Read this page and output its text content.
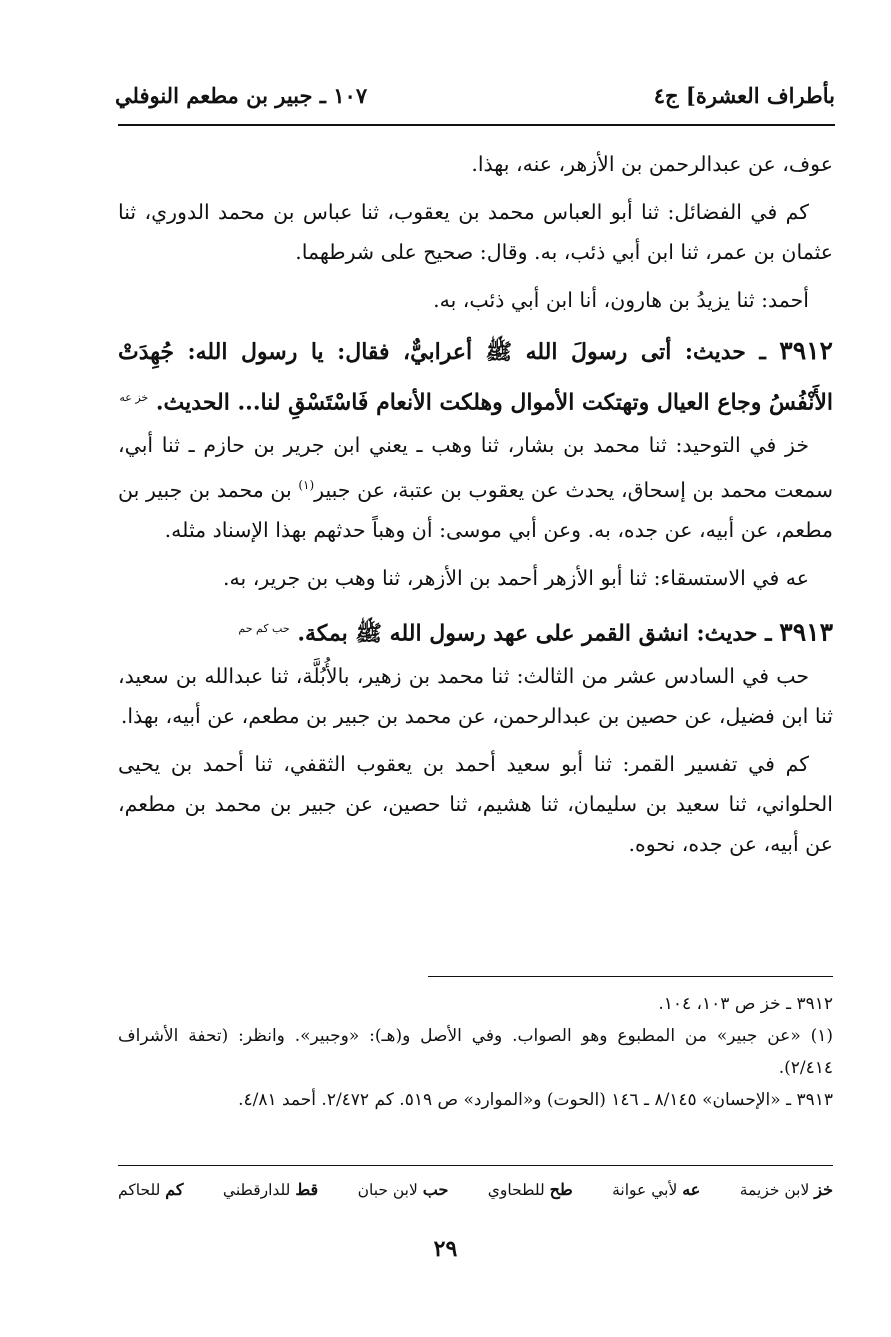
بأطراف العشرة] ج٤
١٠٧ ـ جبير بن مطعم النوفلي

عوف، عن عبدالرحمن بن الأزهر، عنه، بهذا.

كم في الفضائل: ثنا أبو العباس محمد بن يعقوب، ثنا عباس بن محمد الدوري، ثنا عثمان بن عمر، ثنا ابن أبي ذئب، به. وقال: صحيح على شرطهما.

أحمد: ثنا يزيدُ بن هارون، أنا ابن أبي ذئب، به.

٣٩١٢ ـ حديث: أتى رسولَ الله ﷺ أعرابيٌّ، فقال: يا رسول الله: جُهِدَتْ الأَنْفُسُ وجاع العيال وتهتكت الأموال وهلكت الأنعام فَاسْتَسْقِ لنا... الحديث. $^{خز عه}$

خز في التوحيد: ثنا محمد بن بشار، ثنا وهب ـ يعني ابن جرير بن حازم ـ ثنا أبي، سمعت محمد بن إسحاق، يحدث عن يعقوب بن عتبة، عن جبير$^{(١)}$ بن محمد بن جبير بن مطعم، عن أبيه، عن جده، به. وعن أبي موسى: أن وهباً حدثهم بهذا الإسناد مثله.

عه في الاستسقاء: ثنا أبو الأزهر أحمد بن الأزهر، ثنا وهب بن جرير، به.

٣٩١٣ ـ حديث: انشق القمر على عهد رسول الله ﷺ بمكة. $^{حب كم حم}$

حب في السادس عشر من الثالث: ثنا محمد بن زهير، بالأُبُلَّة، ثنا عبدالله بن سعيد، ثنا ابن فضيل، عن حصين بن عبدالرحمن، عن محمد بن جبير بن مطعم، عن أبيه، بهذا.

كم في تفسير القمر: ثنا أبو سعيد أحمد بن يعقوب الثقفي، ثنا أحمد بن يحيى الحلواني، ثنا سعيد بن سليمان، ثنا هشيم، ثنا حصين، عن جبير بن محمد بن مطعم، عن أبيه، عن جده، نحوه.

٣٩١٢ ـ خز ص ١٠٣، ١٠٤.

(١) «عن جبير» من المطبوع وهو الصواب. وفي الأصل و(هـ): «وجبير». وانظر: (تحفة الأشراف ٢/٤١٤).

٣٩١٣ ـ «الإحسان» ٨/١٤٥ ـ ١٤٦ (الحوت) و«الموارد» ص ٥١٩. كم ٢/٤٧٢. أحمد ٤/٨١.

خز لابن خزيمة
عه لأبي عوانة
طح للطحاوي
حب لابن حبان
قط للدارقطني
كم للحاكم
٢٩
